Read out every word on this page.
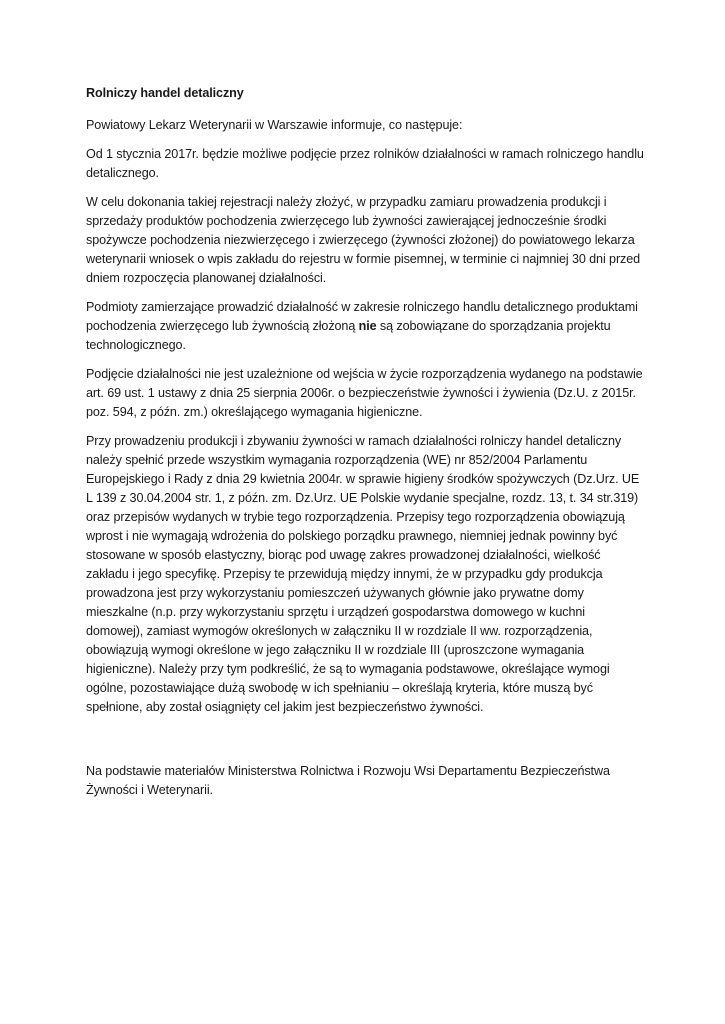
Rolniczy handel detaliczny

Powiatowy Lekarz Weterynarii w Warszawie informuje, co następuje:

Od 1 stycznia 2017r. będzie możliwe podjęcie przez rolników działalności w ramach rolniczego handlu detalicznego.

W celu dokonania takiej rejestracji należy złożyć, w przypadku zamiaru prowadzenia produkcji i sprzedaży produktów pochodzenia zwierzęcego lub żywności zawierającej jednocześnie środki spożywcze pochodzenia niezwierzęcego i zwierzęcego (żywności złożonej) do powiatowego lekarza weterynarii wniosek o wpis zakładu do rejestru w formie pisemnej, w terminie ci najmniej 30 dni przed dniem rozpoczęcia planowanej działalności.

Podmioty zamierzające prowadzić działalność w zakresie rolniczego handlu detalicznego produktami pochodzenia zwierzęcego lub żywnością złożoną nie są zobowiązane do sporządzania projektu technologicznego.

Podjęcie działalności nie jest uzależnione od wejścia w życie rozporządzenia wydanego na podstawie art. 69 ust. 1 ustawy z dnia 25 sierpnia 2006r. o bezpieczeństwie żywności i żywienia (Dz.U. z 2015r. poz. 594, z późn. zm.) określającego wymagania higieniczne.

Przy prowadzeniu produkcji i zbywaniu żywności w ramach działalności rolniczy handel detaliczny należy spełnić przede wszystkim wymagania rozporządzenia (WE) nr 852/2004 Parlamentu Europejskiego i Rady z dnia 29 kwietnia 2004r. w sprawie higieny środków spożywczych (Dz.Urz. UE L 139 z 30.04.2004 str. 1, z późn. zm. Dz.Urz. UE Polskie wydanie specjalne, rozdz. 13, t. 34 str.319) oraz przepisów wydanych w trybie tego rozporządzenia. Przepisy tego rozporządzenia obowiązują wprost i nie wymagają wdrożenia do polskiego porządku prawnego, niemniej jednak powinny być stosowane w sposób elastyczny, biorąc pod uwagę zakres prowadzonej działalności, wielkość zakładu i jego specyfikę. Przepisy te przewidują między innymi, że w przypadku gdy produkcja prowadzona jest przy wykorzystaniu pomieszczeń używanych głównie jako prywatne domy mieszkalne (n.p. przy wykorzystaniu sprzętu i urządzeń gospodarstwa domowego w kuchni domowej), zamiast wymogów określonych w załączniku II w rozdziale II ww. rozporządzenia, obowiązują wymogi określone w jego załączniku II w rozdziale III (uproszczone wymagania higieniczne). Należy przy tym podkreślić, że są to wymagania podstawowe, określające wymogi ogólne, pozostawiające dużą swobodę w ich spełnianiu – określają kryteria, które muszą być spełnione, aby został osiągnięty cel jakim jest bezpieczeństwo żywności.

Na podstawie materiałów Ministerstwa Rolnictwa i Rozwoju Wsi Departamentu Bezpieczeństwa Żywności i Weterynarii.
